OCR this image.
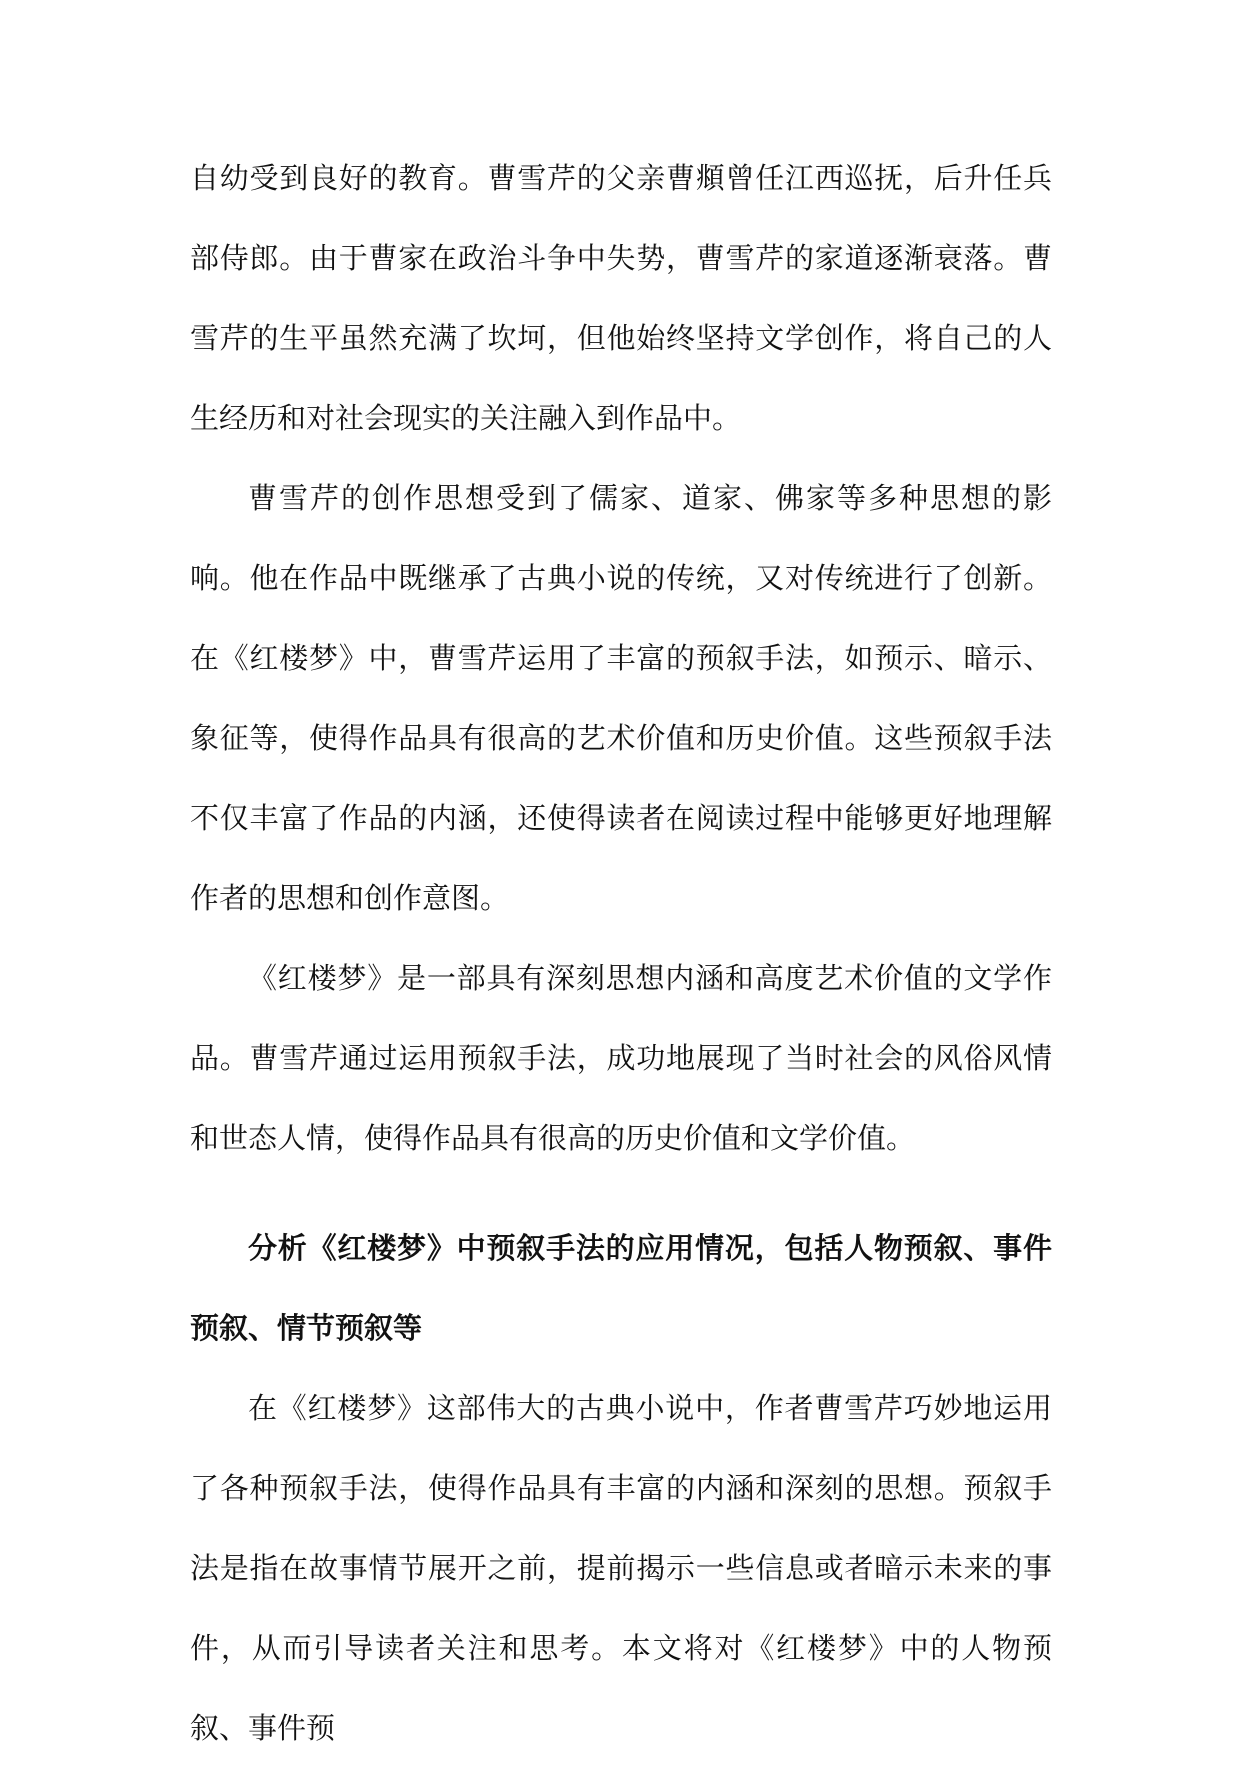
自幼受到良好的教育。曹雪芹的父亲曹頫曾任江西巡抚，后升任兵部侍郎。由于曹家在政治斗争中失势，曹雪芹的家道逐渐衰落。曹雪芹的生平虽然充满了坎坷，但他始终坚持文学创作，将自己的人生经历和对社会现实的关注融入到作品中。

曹雪芹的创作思想受到了儒家、道家、佛家等多种思想的影响。他在作品中既继承了古典小说的传统，又对传统进行了创新。在《红楼梦》中，曹雪芹运用了丰富的预叙手法，如预示、暗示、象征等，使得作品具有很高的艺术价值和历史价值。这些预叙手法不仅丰富了作品的内涵，还使得读者在阅读过程中能够更好地理解作者的思想和创作意图。

《红楼梦》是一部具有深刻思想内涵和高度艺术价值的文学作品。曹雪芹通过运用预叙手法，成功地展现了当时社会的风俗风情和世态人情，使得作品具有很高的历史价值和文学价值。

分析《红楼梦》中预叙手法的应用情况，包括人物预叙、事件预叙、情节预叙等

在《红楼梦》这部伟大的古典小说中，作者曹雪芹巧妙地运用了各种预叙手法，使得作品具有丰富的内涵和深刻的思想。预叙手法是指在故事情节展开之前，提前揭示一些信息或者暗示未来的事件，从而引导读者关注和思考。本文将对《红楼梦》中的人物预叙、事件预
